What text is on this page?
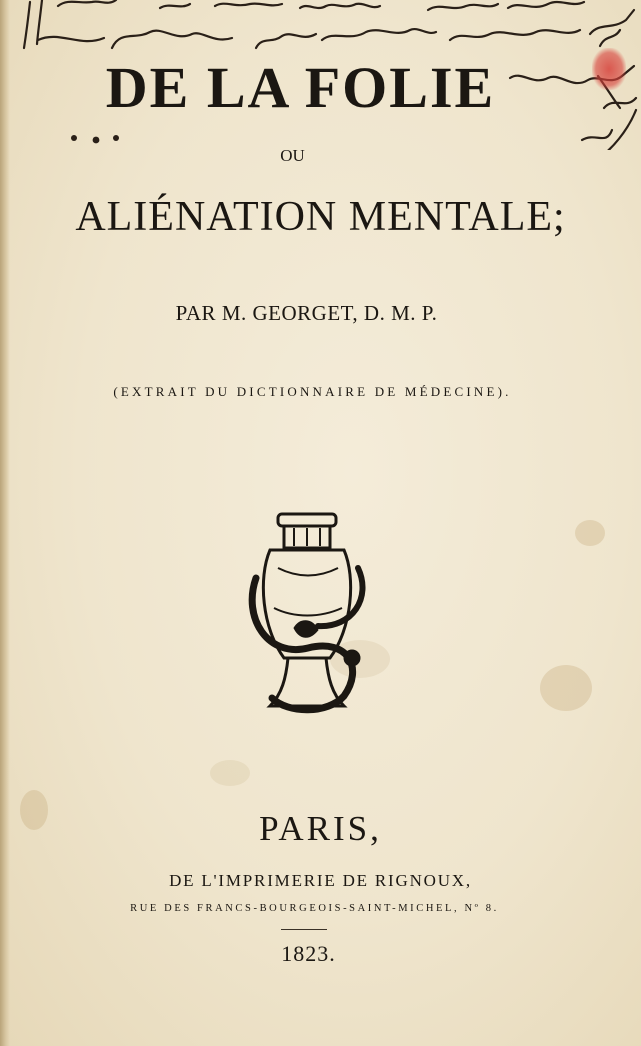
DE LA FOLIE
OU
ALIÉNATION MENTALE;
PAR M. GEORGET, D. M. P.
(EXTRAIT DU DICTIONNAIRE DE MÉDECINE).
PARIS,
DE L'IMPRIMERIE DE RIGNOUX,
RUE DES FRANCS-BOURGEOIS-SAINT-MICHEL, Nº 8.
1823.
